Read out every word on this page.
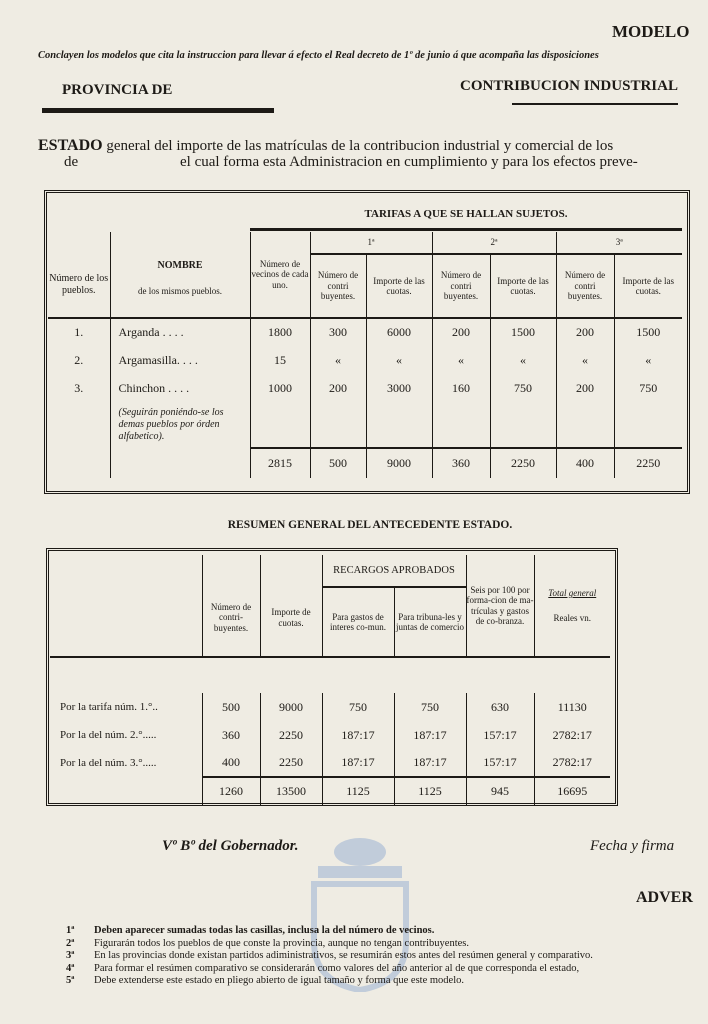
MODELO
Conclayen los modelos que cita la instruccion para llevar á efecto el Real decreto de 1º de junio á que acompaña las disposiciones
PROVINCIA DE	CONTRIBUCION INDUSTRIAL
ESTADO general del importe de las matrículas de la contribucion industrial y comercial de los
de	el cual forma esta Administracion en cumplimiento y para los efectos preve-
TARIFAS A QUE SE HALLAN SUJETOS.
Número de los pueblos.	NOMBRE
de los mismos pueblos.	Número de vecinos de cada uno.	1ª		2ª		3ª	
			Número de contri buyentes.	Importe de las cuotas.	Número de contri buyentes.	Importe de las cuotas.	Número de contri buyentes.	Importe de las cuotas.
1.	Arganda . . . .	1800	300	6000	200	1500	200	1500
2.	Argamasilla. . . .	15	«	«	«	«	«	«
3.	Chinchon . . . .	1000	200	3000	160	750	200	750
	(Seguirán poniéndo-se los demas pueblos por órden alfabetico).							
		2815	500	9000	360	2250	400	2250
RESUMEN GENERAL DEL ANTECEDENTE ESTADO.
	Número de contri-buyentes.	Importe de cuotas.	RECARGOS APROBADOS		Seis por 100 por forma-cion de ma-trículas y gastos de co-branza.	Total general
Reales vn.

			Para gastos de interes co-mun.	Para tribuna-les y juntas de comercio		

Por la tarifa núm. 1.°..	500	9000	750	750	630	11130
Por la del núm. 2.°.....	360	2250	187:17	187:17	157:17	2782:17
Por la del núm. 3.°.....	400	2250	187:17	187:17	157:17	2782:17
	1260	13500	1125	1125	945	16695
Vº Bº del Gobernador.	Fecha y firma
ADVER
1ª Deben aparecer sumadas todas las casillas, inclusa la del número de vecinos.
2ª Figurarán todos los pueblos de que conste la provincia, aunque no tengan contribuyentes.
3ª En las provincias donde existan partidos adiministrativos, se resumirán estos antes del resúmen general y comparativo.
4ª Para formar el resúmen comparativo se considerarán como valores del año anterior al de que corresponda el estado,
5ª Debe extenderse este estado en pliego abierto de igual tamaño y forma que este modelo.
